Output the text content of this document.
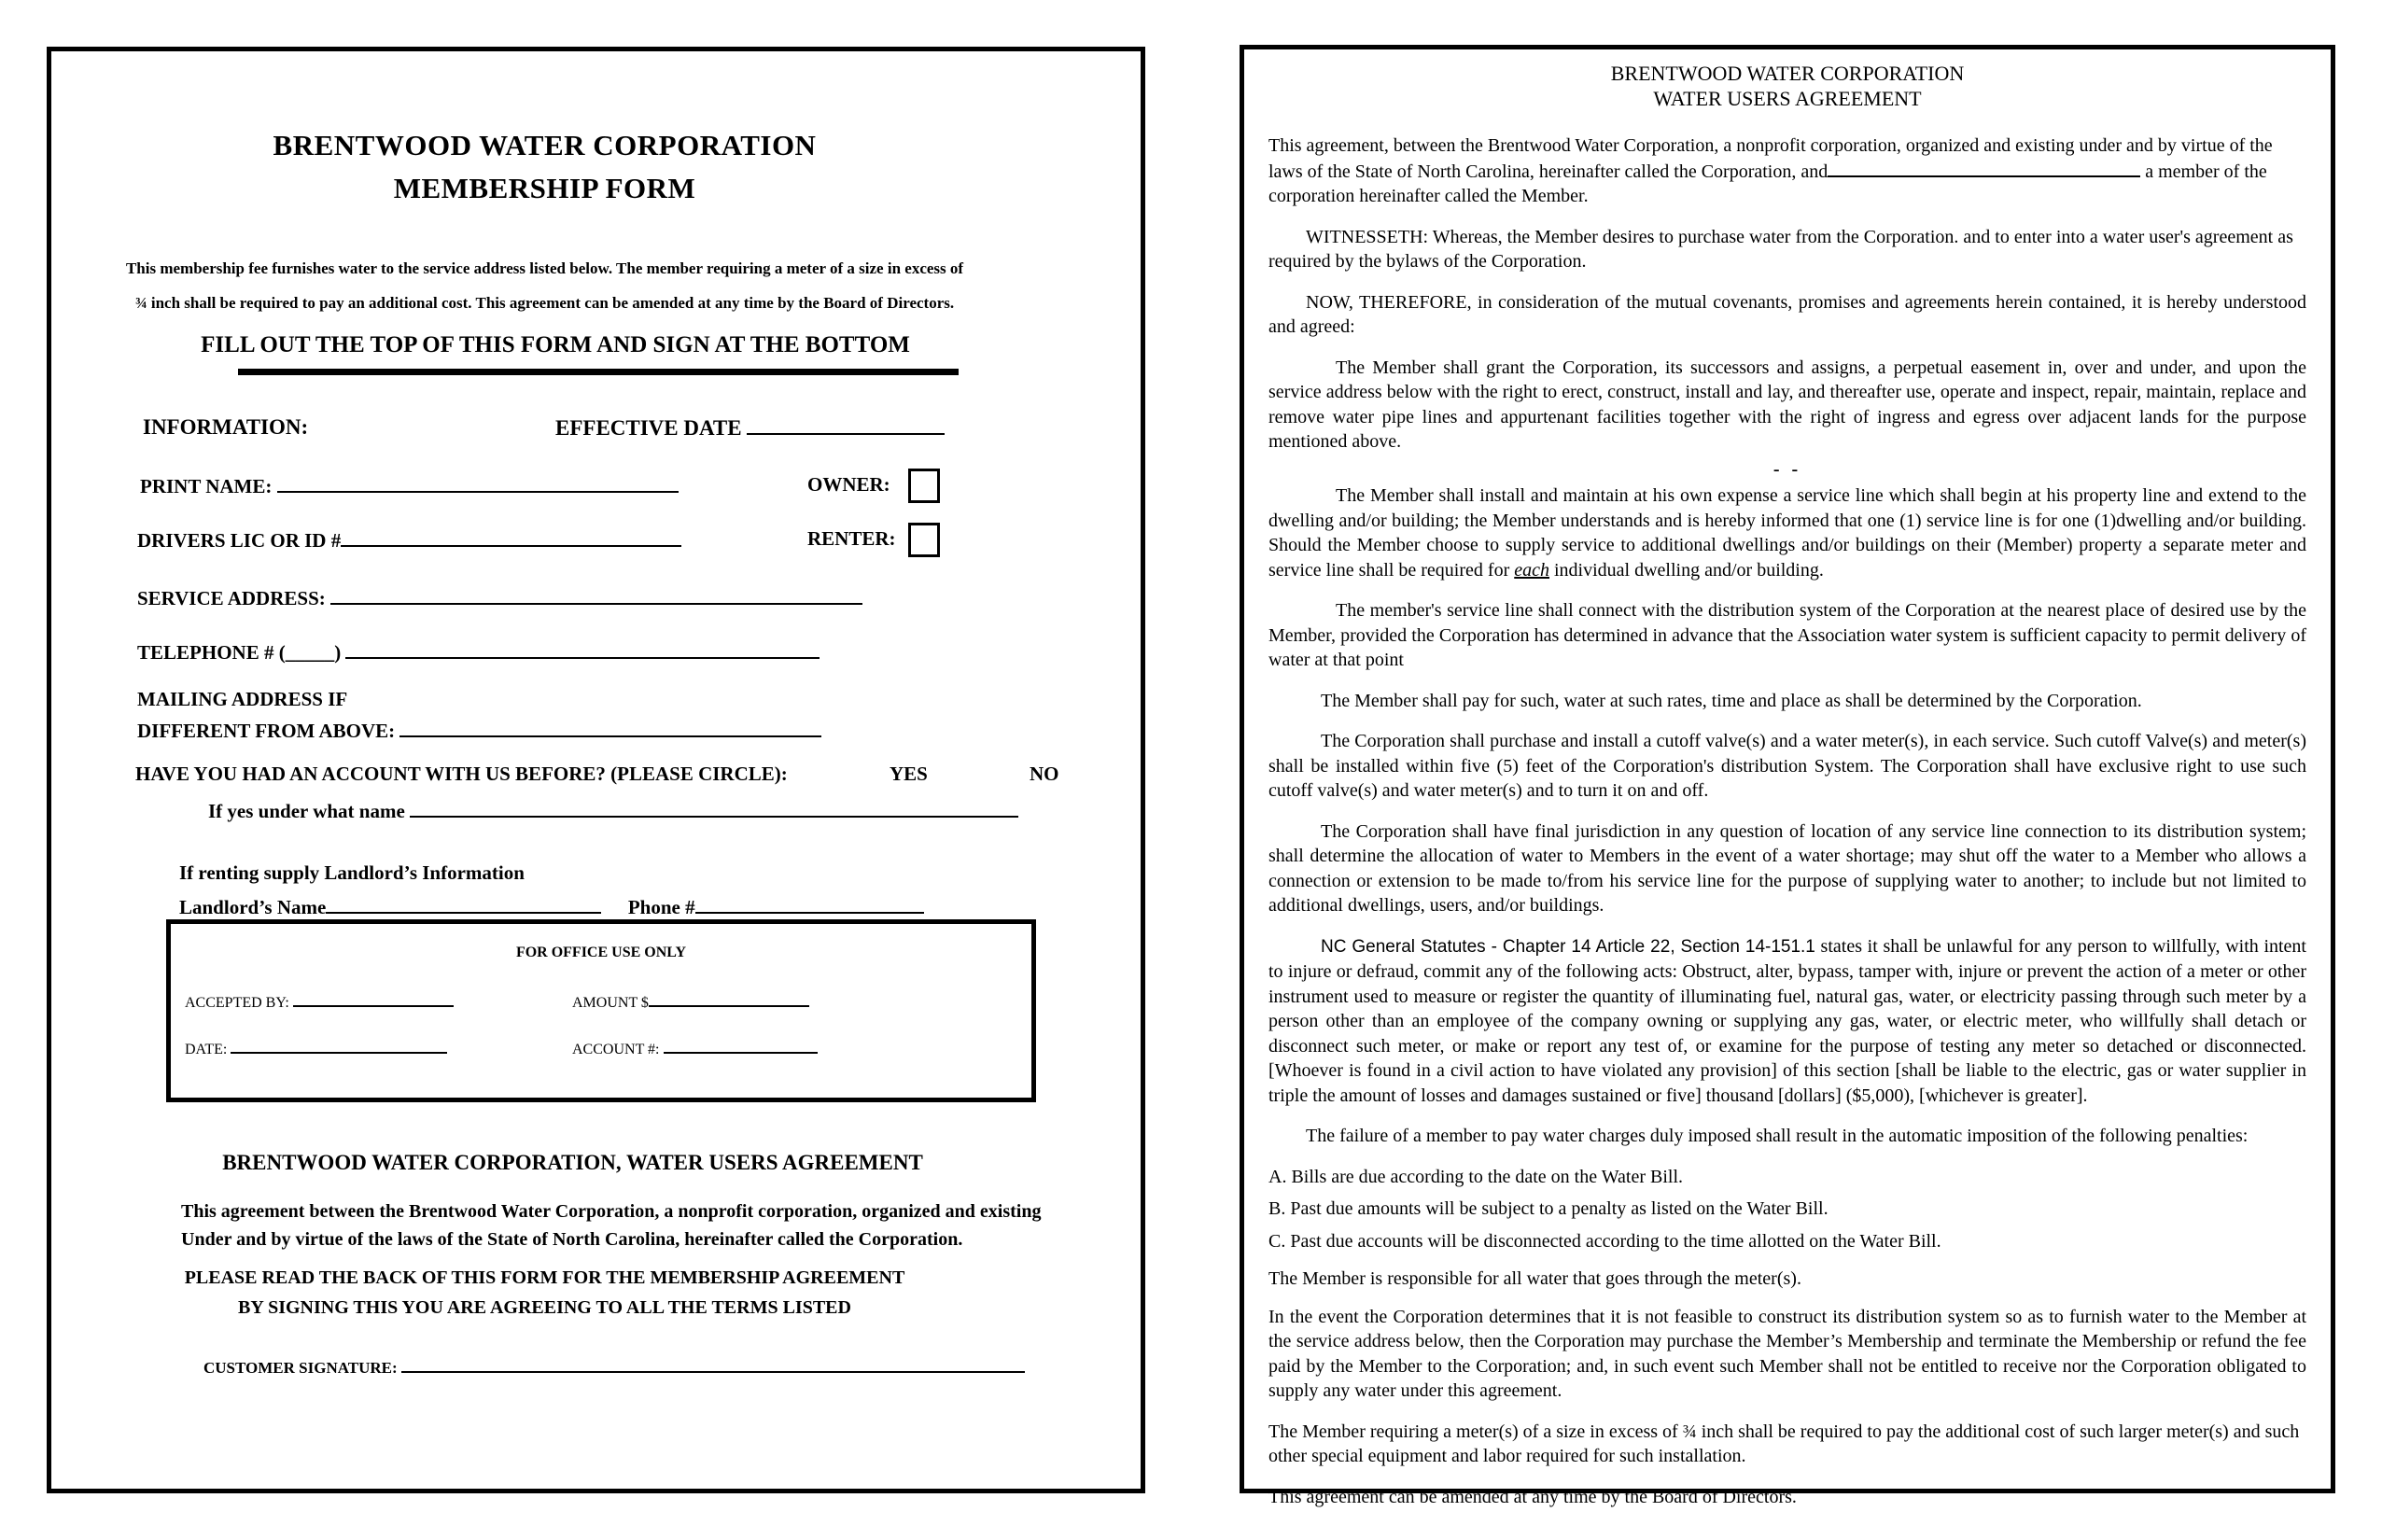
BRENTWOOD WATER CORPORATION
MEMBERSHIP FORM
This membership fee furnishes water to the service address listed below. The member requiring a meter of a size in excess of
¾ inch shall be required to pay an additional cost. This agreement can be amended at any time by the Board of Directors.
FILL OUT THE TOP OF THIS FORM AND SIGN AT THE BOTTOM
INFORMATION:	EFFECTIVE DATE
PRINT NAME:	OWNER:
DRIVERS LIC OR ID #	RENTER:
SERVICE ADDRESS:
TELEPHONE # (_____)
MAILING ADDRESS IF
DIFFERENT FROM ABOVE:
HAVE YOU HAD AN ACCOUNT WITH US BEFORE? (PLEASE CIRCLE):	YES	NO
If yes under what name
If renting supply Landlord’s Information
Landlord’s Name	Phone #
FOR OFFICE USE ONLY
ACCEPTED BY:	AMOUNT $
DATE:	ACCOUNT #:
BRENTWOOD WATER CORPORATION, WATER USERS AGREEMENT
This agreement between the Brentwood Water Corporation, a nonprofit corporation, organized and existing
Under and by virtue of the laws of the State of North Carolina, hereinafter called the Corporation.
PLEASE READ THE BACK OF THIS FORM FOR THE MEMBERSHIP AGREEMENT
BY SIGNING THIS YOU ARE AGREEING TO ALL THE TERMS LISTED
CUSTOMER SIGNATURE:
BRENTWOOD WATER CORPORATION
WATER USERS AGREEMENT

This agreement, between the Brentwood Water Corporation, a nonprofit corporation, organized and existing under and by virtue of the laws of the State of North Carolina, hereinafter called the Corporation, and	a member of the corporation hereinafter called the Member.

WITNESSETH: Whereas, the Member desires to purchase water from the Corporation. and to enter into a water user's agreement as required by the bylaws of the Corporation.

NOW, THEREFORE, in consideration of the mutual covenants, promises and agreements herein contained, it is hereby understood and agreed:

The Member shall grant the Corporation, its successors and assigns, a perpetual easement in, over and under, and upon the service address below with the right to erect, construct, install and lay, and thereafter use, operate and inspect, repair, maintain, replace and remove water pipe lines and appurtenant facilities together with the right of ingress and egress over adjacent lands for the purpose mentioned above.

- -

The Member shall install and maintain at his own expense a service line which shall begin at his property line and extend to the dwelling and/or building; the Member understands and is hereby informed that one (1) service line is for one (1)dwelling and/or building. Should the Member choose to supply service to additional dwellings and/or buildings on their (Member) property a separate meter and service line shall be required for each individual dwelling and/or building.

The member's service line shall connect with the distribution system of the Corporation at the nearest place of desired use by the Member, provided the Corporation has determined in advance that the Association water system is sufficient capacity to permit delivery of water at that point

The Member shall pay for such, water at such rates, time and place as shall be determined by the Corporation.

The Corporation shall purchase and install a cutoff valve(s) and a water meter(s), in each service. Such cutoff Valve(s) and meter(s) shall be installed within five (5) feet of the Corporation's distribution System. The Corporation shall have exclusive right to use such cutoff valve(s) and water meter(s) and to turn it on and off.

The Corporation shall have final jurisdiction in any question of location of any service line connection to its distribution system; shall determine the allocation of water to Members in the event of a water shortage; may shut off the water to a Member who allows a connection or extension to be made to/from his service line for the purpose of supplying water to another; to include but not limited to additional dwellings, users, and/or buildings.

NC General Statutes - Chapter 14 Article 22, Section 14-151.1 states it shall be unlawful for any person to willfully, with intent to injure or defraud, commit any of the following acts: Obstruct, alter, bypass, tamper with, injure or prevent the action of a meter or other instrument used to measure or register the quantity of illuminating fuel, natural gas, water, or electricity passing through such meter by a person other than an employee of the company owning or supplying any gas, water, or electric meter, who willfully shall detach or disconnect such meter, or make or report any test of, or examine for the purpose of testing any meter so detached or disconnected. [Whoever is found in a civil action to have violated any provision] of this section [shall be liable to the electric, gas or water supplier in triple the amount of losses and damages sustained or five] thousand [dollars] ($5,000), [whichever is greater].

The failure of a member to pay water charges duly imposed shall result in the automatic imposition of the following penalties:

A. Bills are due according to the date on the Water Bill.

B. Past due amounts will be subject to a penalty as listed on the Water Bill.

C. Past due accounts will be disconnected according to the time allotted on the Water Bill.

The Member is responsible for all water that goes through the meter(s).

In the event the Corporation determines that it is not feasible to construct its distribution system so as to furnish water to the Member at the service address below, then the Corporation may purchase the Member’s Membership and terminate the Membership or refund the fee paid by the Member to the Corporation; and, in such event such Member shall not be entitled to receive nor the Corporation obligated to supply any water under this agreement.

The Member requiring a meter(s) of a size in excess of ¾ inch shall be required to pay the additional cost of such larger meter(s) and such other special equipment and labor required for such installation.

This agreement can be amended at any time by the Board of Directors.
